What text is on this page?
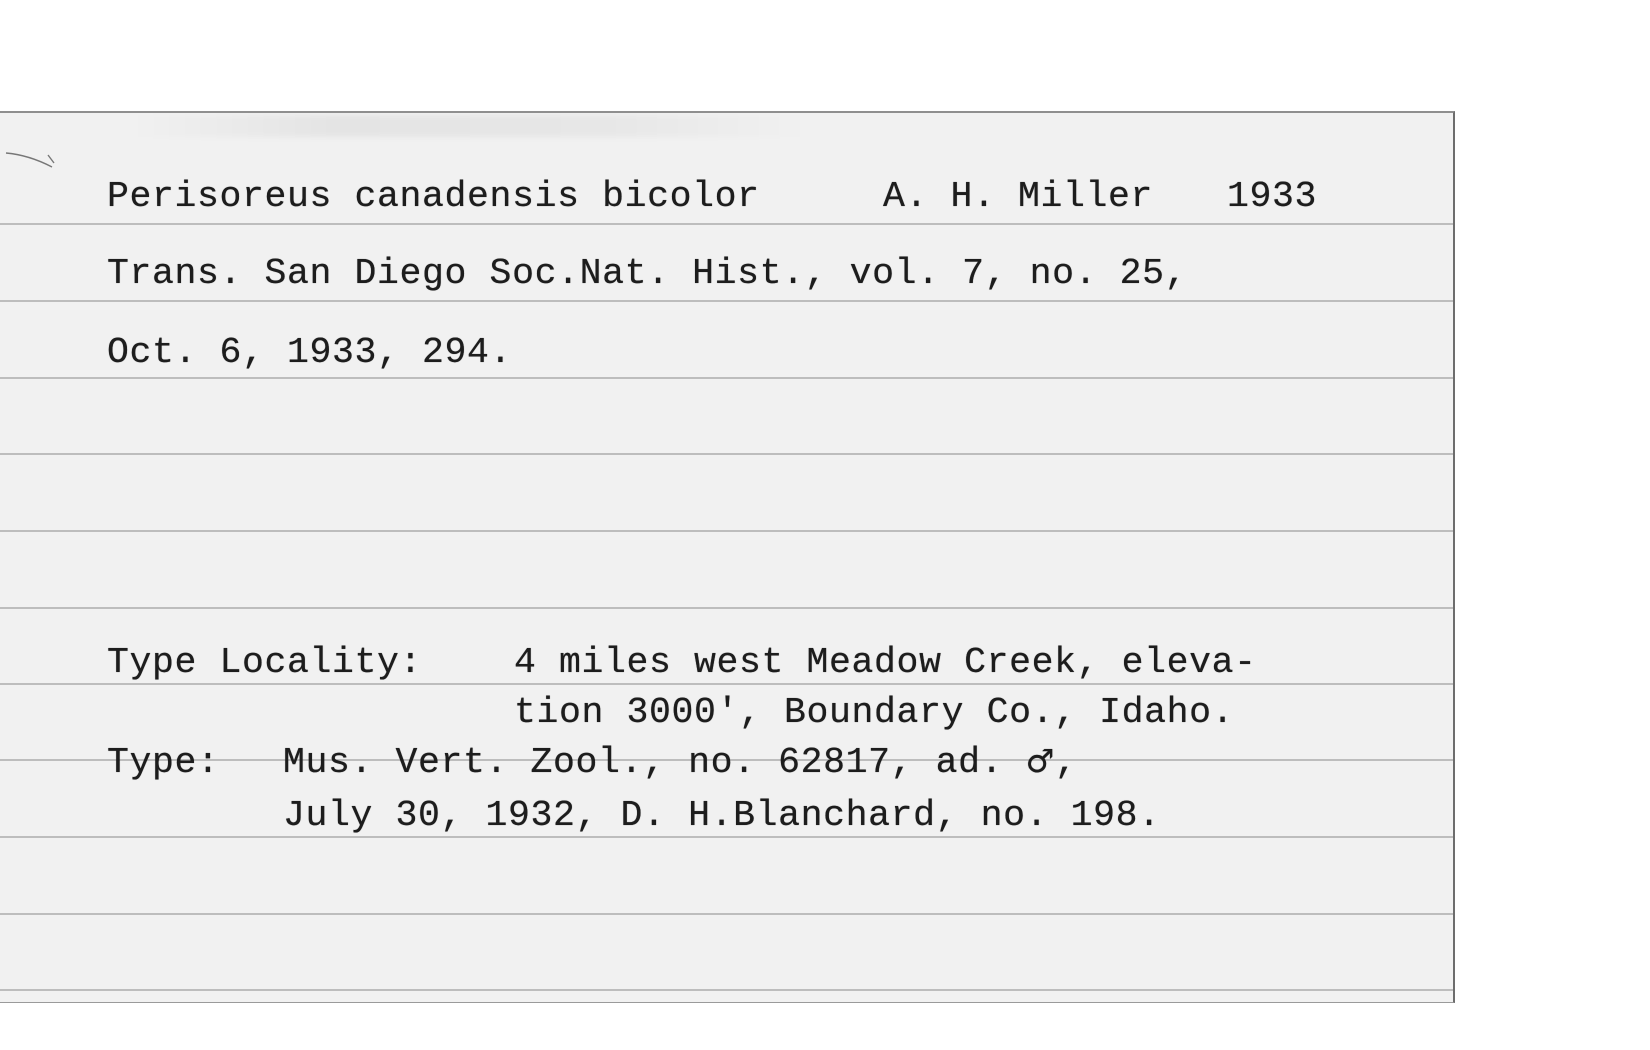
Perisoreus canadensis bicolor	A. H. Miller 1933
Trans. San Diego Soc.Nat. Hist., vol. 7, no. 25,
Oct. 6, 1933, 294.
Type Locality:	4 miles west Meadow Creek, eleva-
tion 3000', Boundary Co., Idaho.
Type: Mus. Vert. Zool., no. 62817, ad. ♂,
July 30, 1932, D. H.Blanchard, no. 198.
